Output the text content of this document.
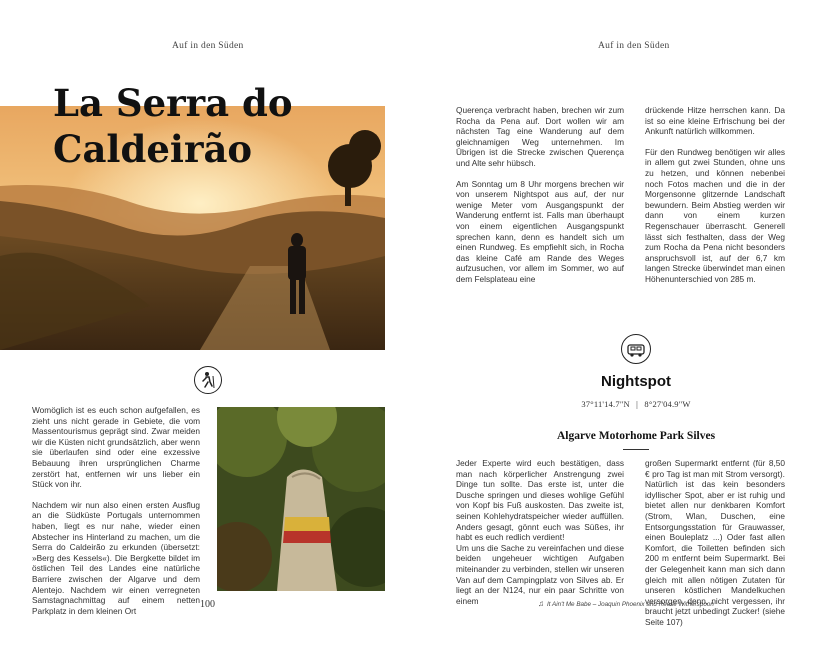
Auf in den Süden	Auf in den Süden
La Serra do
Caldeirão

Womöglich ist es euch schon aufgefallen, es zieht uns nicht gerade in Gebiete, die vom Massentourismus geprägt sind. Zwar meiden wir die Küsten nicht grundsätzlich, aber wenn sie überlaufen sind oder eine exzessive Bebauung ihren ursprünglichen Charme zerstört hat, entfernen wir uns lieber ein Stück von ihr.

Nachdem wir nun also einen ersten Ausflug an die Südküste Portugals unternommen haben, liegt es nur nahe, wieder einen Abstecher ins Hinterland zu machen, um die Serra do Caldeirão zu erkunden (übersetzt: »Berg des Kessels«). Die Bergkette bildet im östlichen Teil des Landes eine natürliche Barriere zwischen der Algarve und dem Alentejo. Nachdem wir einen verregneten Samstagnachmittag auf einem netten Parkplatz in dem kleinen Ort

100

Querença verbracht haben, brechen wir zum Rocha da Pena auf. Dort wollen wir am nächsten Tag eine Wanderung auf dem gleichnamigen Weg unternehmen. Im Übrigen ist die Strecke zwischen Querença und Alte sehr hübsch.

Am Sonntag um 8 Uhr morgens brechen wir von unserem Nightspot aus auf, der nur wenige Meter vom Ausgangspunkt der Wanderung entfernt ist. Falls man überhaupt von einem eigentlichen Ausgangspunkt sprechen kann, denn es handelt sich um einen Rundweg. Es empfiehlt sich, in Rocha das kleine Café am Rande des Weges aufzusuchen, vor allem im Sommer, wo auf dem Felsplateau eine

drückende Hitze herrschen kann. Da ist so eine kleine Erfrischung bei der Ankunft natürlich willkommen.

Für den Rundweg benötigen wir alles in allem gut zwei Stunden, ohne uns zu hetzen, und können nebenbei noch Fotos machen und die in der Morgensonne glitzernde Landschaft bewundern. Beim Abstieg werden wir dann von einem kurzen Regenschauer überrascht. Generell lässt sich festhalten, dass der Weg zum Rocha da Pena nicht besonders anspruchsvoll ist, auf der 6,7 km langen Strecke überwindet man einen Höhenunterschied von 285 m.

Nightspot
37°11'14.7"N | 8°27'04.9"W
Algarve Motorhome Park Silves
Jeder Experte wird euch bestätigen, dass man nach körperlicher Anstrengung zwei Dinge tun sollte. Das erste ist, unter die Dusche springen und dieses wohlige Gefühl von Kopf bis Fuß auskosten. Das zweite ist, seinen Kohlehydratspeicher wieder auffüllen. Anders gesagt, gönnt euch was Süßes, ihr habt es euch redlich verdient!
Um uns die Sache zu vereinfachen und diese beiden ungeheuer wichtigen Aufgaben miteinander zu verbinden, stellen wir unseren Van auf dem Campingplatz von Silves ab. Er liegt an der N124, nur ein paar Schritte von einem
großen Supermarkt entfernt (für 8,50 € pro Tag ist man mit Strom versorgt). Natürlich ist das kein besonders idyllischer Spot, aber er ist ruhig und bietet allen nur denkbaren Komfort (Strom, Wlan, Duschen, eine Entsorgungsstation für Grauwasser, einen Bouleplatz ...) Oder fast allen Komfort, die Toiletten befinden sich 200 m entfernt beim Supermarkt. Bei der Gelegenheit kann man sich dann gleich mit allen nötigen Zutaten für unseren köstlichen Mandelkuchen versorgen, denn, nicht vergessen, ihr braucht jetzt unbedingt Zucker! (siehe Seite 107)
♫ It Ain't Me Babe – Joaquin Phoenix and Reese Witherspoon
